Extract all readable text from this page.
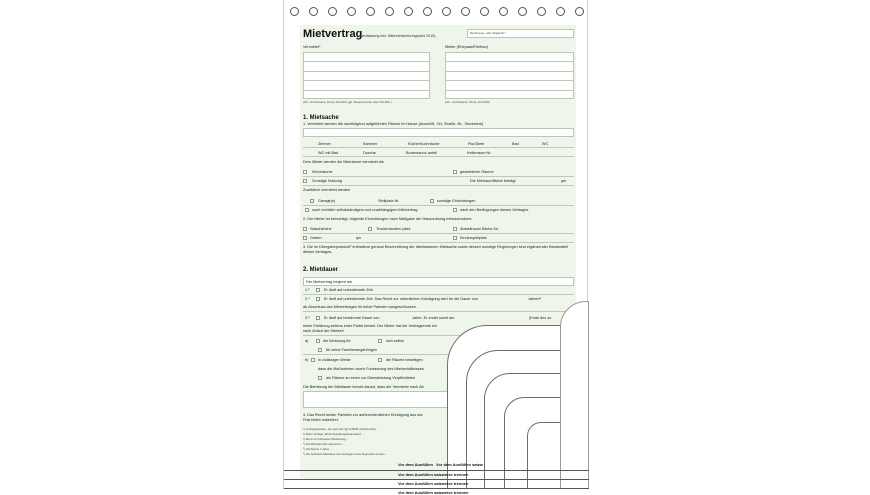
Mietvertrag
(Neufassung inkl. Mietrechtsreformgesetz 2015)
Rechnungs- oder Objekt-Nr.*
Vermieter¹	Mieter (Ehepaar/Ehefrau)
(Vor- und Zuname, Firma, Anschrift, ggf. Steuernummer oder USt-IdNr.)	(Vor- und Zuname, Firma, Anschrift)
1. Mietsache
1. Vermietet werden die nachfolgend aufgeführten Räume im Hause (Anschrift, Ort, Straße, Nr., Stockwerk)
Zimmer	Kammer	Küche/Kochnische	Flur/Diele	Bad	WC
WC mit Bad	Dusche	Bodenraum/-anteil	Kellerraum Nr.
Dem Mieter werden die Mieträume vermietet als
Wohnräume	gewerbliche Räume
Sonstige Nutzung	Die Mietraumfläche beträgt	qm
Zusätzlich vermietet werden
Garage(n)	Stellplatz Nr.	sonstige Einrichtungen
nach rechtlich selbstständigem und unabhängigem Mietvertrag	nach den Bedingungen dieses Vertrages
2. Der Mieter ist berechtigt, folgende Einrichtungen nach Maßgabe der Hausordnung mitzubenutzen:
Waschküche	Trockenboden/-platz	Abstellraum/-fläche für
Garten	qm	Kinderspielplatz
3. Die im Übergabeprotokoll² enthaltene genaue Beschreibung der überlassenen Mietsache sowie dessen sonstige Regelungen sind ergänzender Bestandteil dieses Vertrages.
2. Mietdauer
Der Mietvertrag beginnt am
1.³	Er läuft auf unbestimmte Zeit.
2.⁴	Er läuft auf unbestimmte Zeit. Das Recht zur ordentlichen Kündigung wird für die Dauer von	Jahren⁵
ab Abschluss des Mietvertrages für beide Parteien ausgeschlossen.
3.⁶	Er läuft auf bestimmte Dauer von	Jahre, Er endet somit am	(Ende des zu
einen Erklärung seitens einer Partei bedarf. Der Mieter hat bei Vertragsende ein
nach Ablauf der Mietzeit
a)	die Wohnung für	sich selbst
für seine Familienangehörigen
b)	in zulässiger Weise	die Räume beseitigen
dass die Maßnahmen durch Fortsetzung des Mietverhältnisses
die Räume an einen zur Dienstleistung Verpflichteten
Die Befristung der Mietdauer beruht darauf, dass der Vermieter nach Ab
4. Das Recht beider Parteien zur außerordentlichen Kündigung aus wic
Frist bleibt unberührt.
¹) Vertragsparteien, die nach den §§ 13 BGB (Verbraucher) ...
²) Siehe Vorlage „Wohnungsübergabeprotokoll“ ...
³) Wenn ein befristeter Mietvertrag ...
⁴) Zutreffendes bitte ankreuzen ...
⁵) Höchstens 4 Jahre ...
⁶) Die befristete Mietdauer des Vertrages muss begründet werden ...
Vor dem Ausfüllen Vor dem Ausfüllen satzw
Vor dem Ausfüllen satzweise trennen
Vor dem Ausfüllen satzweise trennen
Vor dem Ausfüllen satzweise trennen
